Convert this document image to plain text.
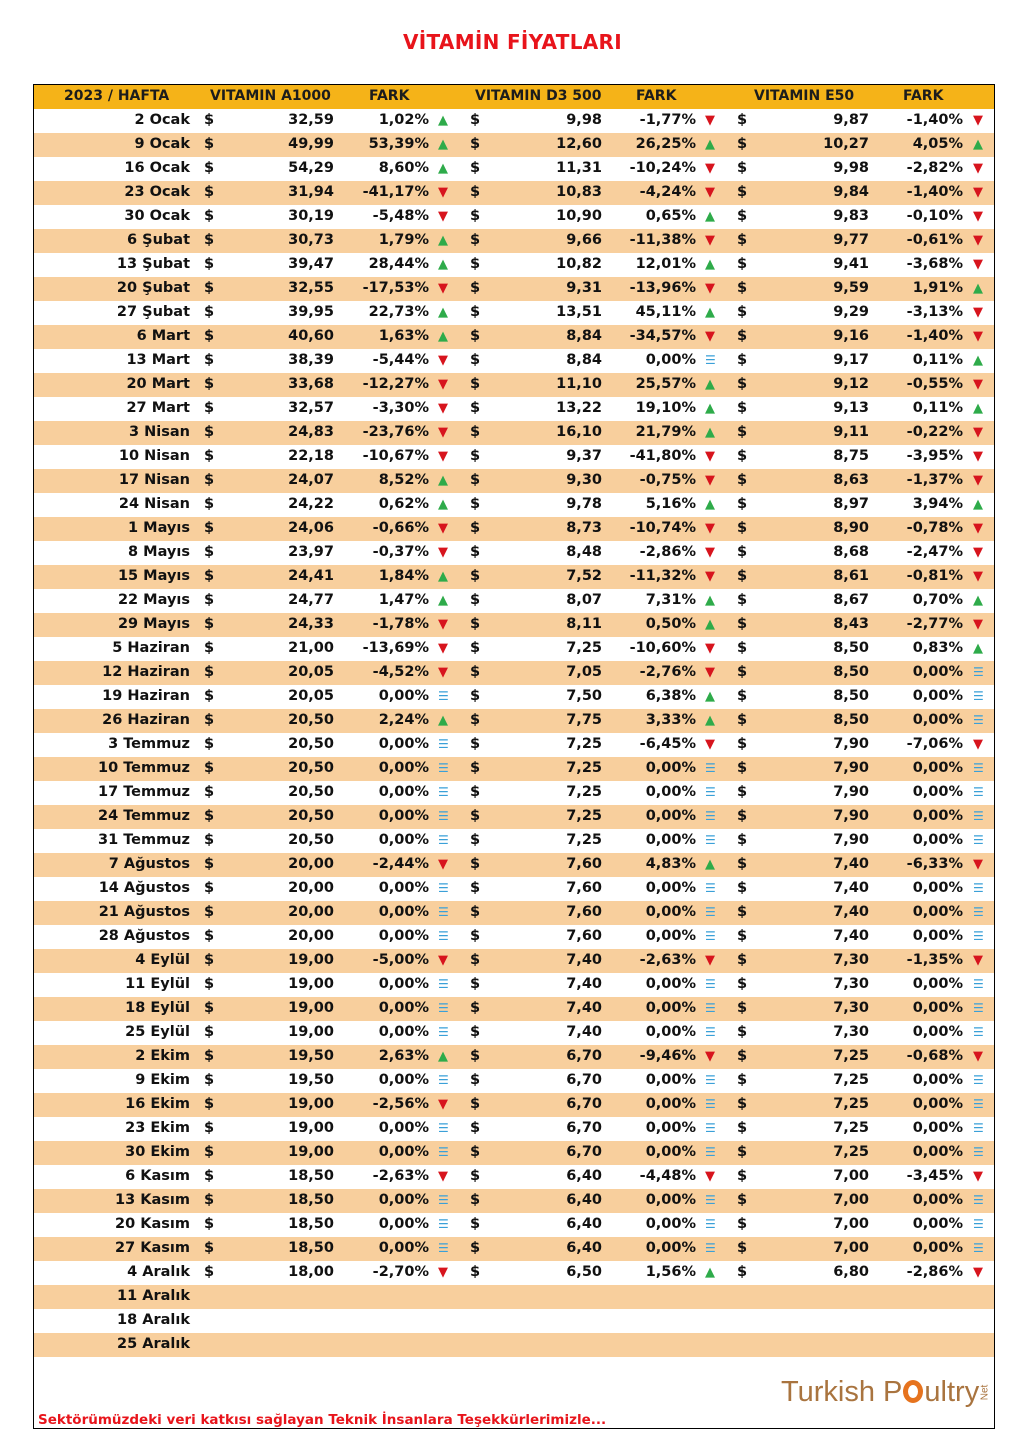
VİTAMİN FİYATLARI
2023 / HAFTA	VITAMIN A1000	FARK	VITAMIN D3 500 FARK	VITAMIN E50	FARK
2 Ocak $	32,59	1,02% ▲ $	9,98	-1,77% ▼ $	9,87	-1,40% ▼
9 Ocak $	49,99 53,39% ▲ $	12,60 26,25% ▲ $	10,27	4,05% ▲
16 Ocak $	54,29	8,60% ▲ $	11,31 -10,24% ▼ $	9,98	-2,82% ▼
23 Ocak $	31,94 -41,17% ▼ $	10,83	-4,24% ▼ $	9,84	-1,40% ▼
30 Ocak $	30,19	-5,48% ▼ $	10,90	0,65% ▲ $	9,83	-0,10% ▼
6 Şubat $	30,73	1,79% ▲ $	9,66 -11,38% ▼ $	9,77	-0,61% ▼
13 Şubat $	39,47 28,44% ▲ $	10,82 12,01% ▲ $	9,41	-3,68% ▼
20 Şubat $	32,55 -17,53% ▼ $	9,31 -13,96% ▼ $	9,59	1,91% ▲
27 Şubat $	39,95 22,73% ▲ $	13,51 45,11% ▲ $	9,29	-3,13% ▼
6 Mart $	40,60	1,63% ▲ $	8,84 -34,57% ▼ $	9,16	-1,40% ▼
13 Mart $	38,39	-5,44% ▼ $	8,84	0,00% ☰ $	9,17	0,11% ▲
20 Mart $	33,68 -12,27% ▼ $	11,10 25,57% ▲ $	9,12	-0,55% ▼
27 Mart $	32,57	-3,30% ▼ $	13,22 19,10% ▲ $	9,13	0,11% ▲
3 Nisan $	24,83 -23,76% ▼ $	16,10 21,79% ▲ $	9,11	-0,22% ▼
10 Nisan $	22,18 -10,67% ▼ $	9,37 -41,80% ▼ $	8,75	-3,95% ▼
17 Nisan $	24,07	8,52% ▲ $	9,30	-0,75% ▼ $	8,63	-1,37% ▼
24 Nisan $	24,22	0,62% ▲ $	9,78	5,16% ▲ $	8,97	3,94% ▲
1 Mayıs $	24,06	-0,66% ▼ $	8,73 -10,74% ▼ $	8,90	-0,78% ▼
8 Mayıs $	23,97	-0,37% ▼ $	8,48	-2,86% ▼ $	8,68	-2,47% ▼
15 Mayıs $	24,41	1,84% ▲ $	7,52 -11,32% ▼ $	8,61	-0,81% ▼
22 Mayıs $	24,77	1,47% ▲ $	8,07	7,31% ▲ $	8,67	0,70% ▲
29 Mayıs $	24,33	-1,78% ▼ $	8,11	0,50% ▲ $	8,43	-2,77% ▼
5 Haziran $	21,00 -13,69% ▼ $	7,25 -10,60% ▼ $	8,50	0,83% ▲
12 Haziran $	20,05	-4,52% ▼ $	7,05	-2,76% ▼ $	8,50	0,00% ☰
19 Haziran $	20,05	0,00% ☰ $	7,50	6,38% ▲ $	8,50	0,00% ☰
26 Haziran $	20,50	2,24% ▲ $	7,75	3,33% ▲ $	8,50	0,00% ☰
3 Temmuz $	20,50	0,00% ☰ $	7,25	-6,45% ▼ $	7,90	-7,06% ▼
10 Temmuz $	20,50	0,00% ☰ $	7,25	0,00% ☰ $	7,90	0,00% ☰
17 Temmuz $	20,50	0,00% ☰ $	7,25	0,00% ☰ $	7,90	0,00% ☰
24 Temmuz $	20,50	0,00% ☰ $	7,25	0,00% ☰ $	7,90	0,00% ☰
31 Temmuz $	20,50	0,00% ☰ $	7,25	0,00% ☰ $	7,90	0,00% ☰
7 Ağustos $	20,00	-2,44% ▼ $	7,60	4,83% ▲ $	7,40	-6,33% ▼
14 Ağustos $	20,00	0,00% ☰ $	7,60	0,00% ☰ $	7,40	0,00% ☰
21 Ağustos $	20,00	0,00% ☰ $	7,60	0,00% ☰ $	7,40	0,00% ☰
28 Ağustos $	20,00	0,00% ☰ $	7,60	0,00% ☰ $	7,40	0,00% ☰
4 Eylül $	19,00	-5,00% ▼ $	7,40	-2,63% ▼ $	7,30	-1,35% ▼
11 Eylül $	19,00	0,00% ☰ $	7,40	0,00% ☰ $	7,30	0,00% ☰
18 Eylül $	19,00	0,00% ☰ $	7,40	0,00% ☰ $	7,30	0,00% ☰
25 Eylül $	19,00	0,00% ☰ $	7,40	0,00% ☰ $	7,30	0,00% ☰
2 Ekim $	19,50	2,63% ▲ $	6,70	-9,46% ▼ $	7,25	-0,68% ▼
9 Ekim $	19,50	0,00% ☰ $	6,70	0,00% ☰ $	7,25	0,00% ☰
16 Ekim $	19,00	-2,56% ▼ $	6,70	0,00% ☰ $	7,25	0,00% ☰
23 Ekim $	19,00	0,00% ☰ $	6,70	0,00% ☰ $	7,25	0,00% ☰
30 Ekim $	19,00	0,00% ☰ $	6,70	0,00% ☰ $	7,25	0,00% ☰
6 Kasım $	18,50	-2,63% ▼ $	6,40	-4,48% ▼ $	7,00	-3,45% ▼
13 Kasım $	18,50	0,00% ☰ $	6,40	0,00% ☰ $	7,00	0,00% ☰
20 Kasım $	18,50	0,00% ☰ $	6,40	0,00% ☰ $	7,00	0,00% ☰
27 Kasım $	18,50	0,00% ☰ $	6,40	0,00% ☰ $	7,00	0,00% ☰
4 Aralık $	18,00	-2,70% ▼ $	6,50	1,56% ▲ $	6,80	-2,86% ▼
11 Aralık
18 Aralık
25 Aralık
Sektörümüzdeki veri katkısı sağlayan Teknik İnsanlara Teşekkürlerimizle...
Turkish P ultryNet
